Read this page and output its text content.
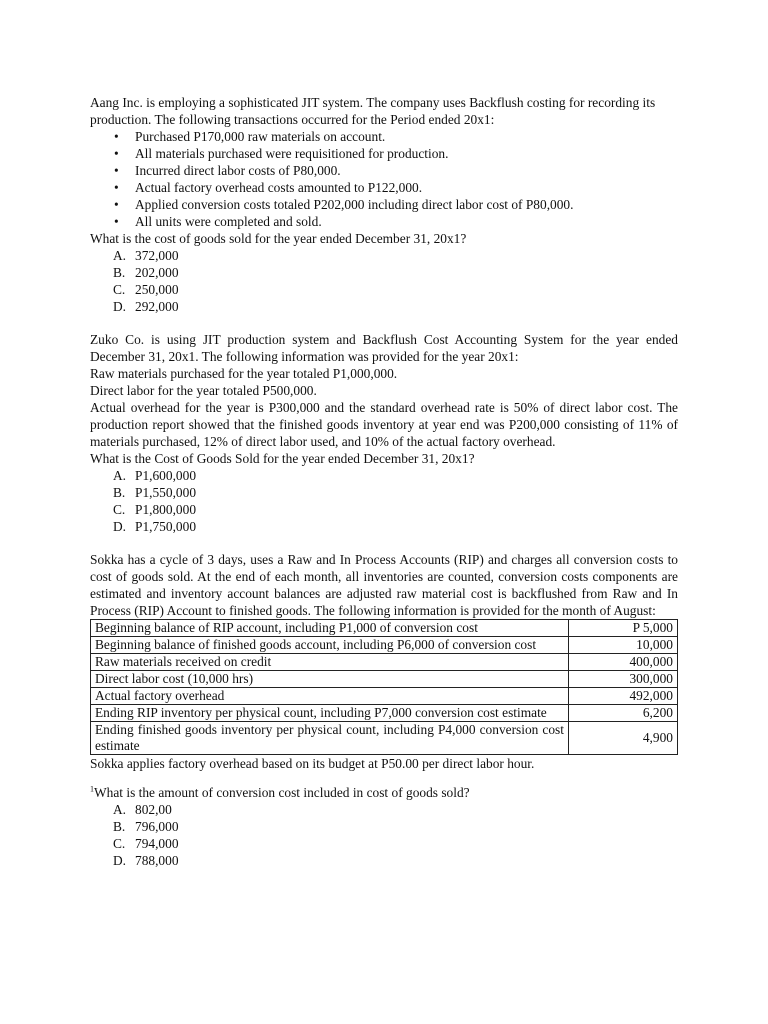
Aang Inc. is employing a sophisticated JIT system. The company uses Backflush costing for recording its production. The following transactions occurred for the Period ended 20x1:

• Purchased P170,000 raw materials on account.
• All materials purchased were requisitioned for production.
• Incurred direct labor costs of P80,000.
• Actual factory overhead costs amounted to P122,000.
• Applied conversion costs totaled P202,000 including direct labor cost of P80,000.
• All units were completed and sold.

What is the cost of goods sold for the year ended December 31, 20x1?

A. 372,000
B. 202,000
C. 250,000
D. 292,000

Zuko Co. is using JIT production system and Backflush Cost Accounting System for the year ended December 31, 20x1. The following information was provided for the year 20x1:

Raw materials purchased for the year totaled P1,000,000.

Direct labor for the year totaled P500,000.

Actual overhead for the year is P300,000 and the standard overhead rate is 50% of direct labor cost. The production report showed that the finished goods inventory at year end was P200,000 consisting of 11% of materials purchased, 12% of direct labor used, and 10% of the actual factory overhead.

What is the Cost of Goods Sold for the year ended December 31, 20x1?

A. P1,600,000
B. P1,550,000
C. P1,800,000
D. P1,750,000

Sokka has a cycle of 3 days, uses a Raw and In Process Accounts (RIP) and charges all conversion costs to cost of goods sold. At the end of each month, all inventories are counted, conversion costs components are estimated and inventory account balances are adjusted raw material cost is backflushed from Raw and In Process (RIP) Account to finished goods. The following information is provided for the month of August:

Beginning balance of RIP account, including P1,000 of conversion cost	P 5,000
Beginning balance of finished goods account, including P6,000 of conversion cost	10,000
Raw materials received on credit	400,000
Direct labor cost (10,000 hrs)	300,000
Actual factory overhead	492,000
Ending RIP inventory per physical count, including P7,000 conversion cost estimate	6,200
Ending finished goods inventory per physical count, including P4,000 conversion cost estimate	4,900

Sokka applies factory overhead based on its budget at P50.00 per direct labor hour.

$^1$What is the amount of conversion cost included in cost of goods sold?

A. 802,00
B. 796,000
C. 794,000
D. 788,000
